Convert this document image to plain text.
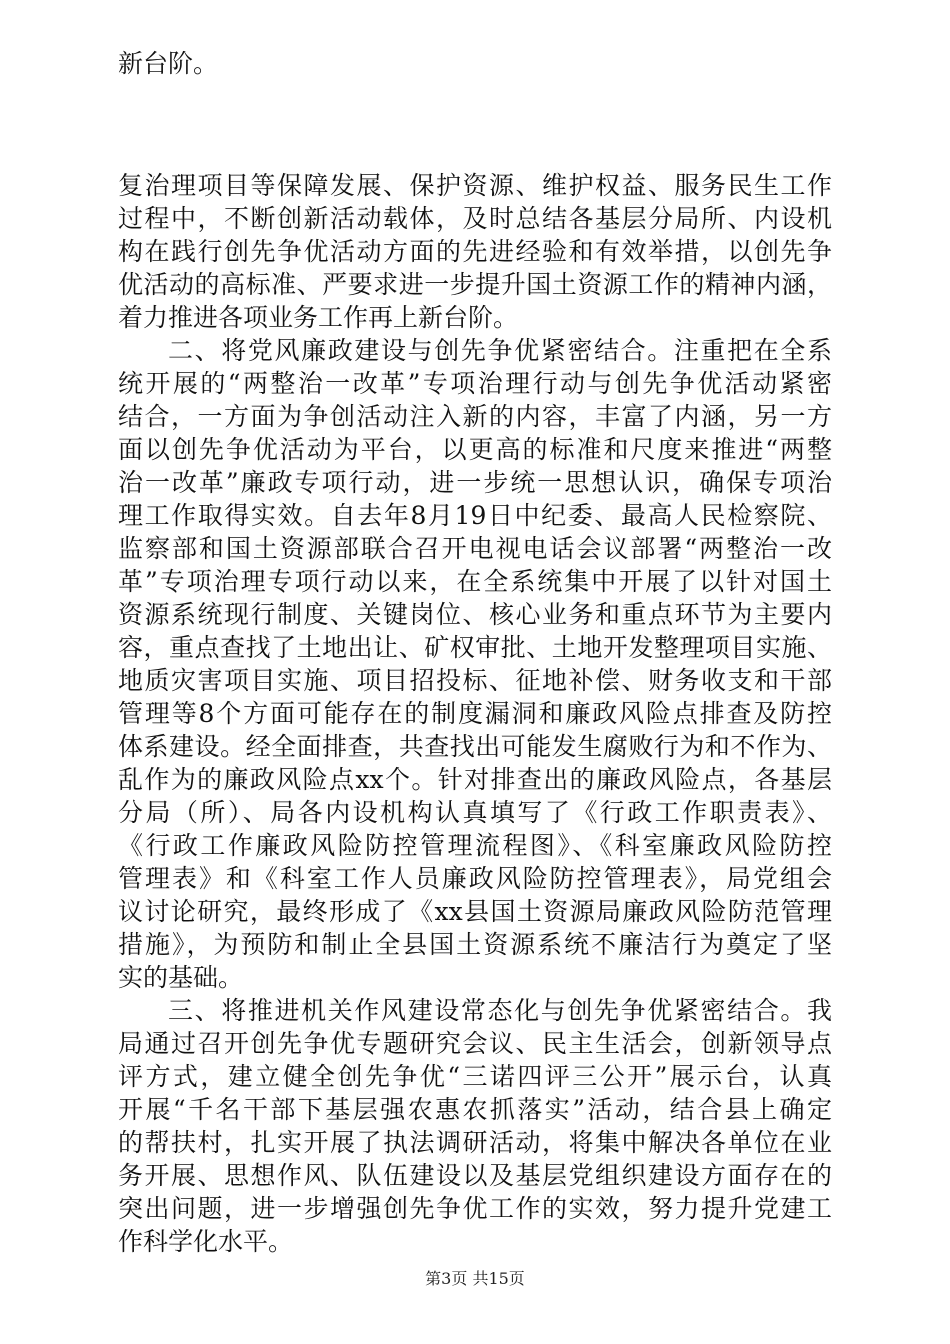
新台阶。
复治理项目等保障发展、保护资源、维护权益、服务民生工作
过程中，不断创新活动载体，及时总结各基层分局所、内设机
构在践行创先争优活动方面的先进经验和有效举措，以创先争
优活动的高标准、严要求进一步提升国土资源工作的精神内涵，
着力推进各项业务工作再上新台阶。
二、将党风廉政建设与创先争优紧密结合。注重把在全系
统开展的“两整治一改革”专项治理行动与创先争优活动紧密
结合，一方面为争创活动注入新的内容，丰富了内涵，另一方
面以创先争优活动为平台，以更高的标准和尺度来推进“两整
治一改革”廉政专项行动，进一步统一思想认识，确保专项治
理工作取得实效。自去年8月19日中纪委、最高人民检察院、
监察部和国土资源部联合召开电视电话会议部署“两整治一改
革”专项治理专项行动以来，在全系统集中开展了以针对国土
资源系统现行制度、关键岗位、核心业务和重点环节为主要内
容，重点查找了土地出让、矿权审批、土地开发整理项目实施、
地质灾害项目实施、项目招投标、征地补偿、财务收支和干部
管理等8个方面可能存在的制度漏洞和廉政风险点排查及防控
体系建设。经全面排查，共查找出可能发生腐败行为和不作为、
乱作为的廉政风险点xx个。针对排查出的廉政风险点，各基层
分局（所）、局各内设机构认真填写了《行政工作职责表》、
《行政工作廉政风险防控管理流程图》、《科室廉政风险防控
管理表》和《科室工作人员廉政风险防控管理表》，局党组会
议讨论研究，最终形成了《xx县国土资源局廉政风险防范管理
措施》，为预防和制止全县国土资源系统不廉洁行为奠定了坚
实的基础。
三、将推进机关作风建设常态化与创先争优紧密结合。我
局通过召开创先争优专题研究会议、民主生活会，创新领导点
评方式，建立健全创先争优“三诺四评三公开”展示台，认真
开展“千名干部下基层强农惠农抓落实”活动，结合县上确定
的帮扶村，扎实开展了执法调研活动，将集中解决各单位在业
务开展、思想作风、队伍建设以及基层党组织建设方面存在的
突出问题，进一步增强创先争优工作的实效，努力提升党建工
作科学化水平。
第3页 共15页
